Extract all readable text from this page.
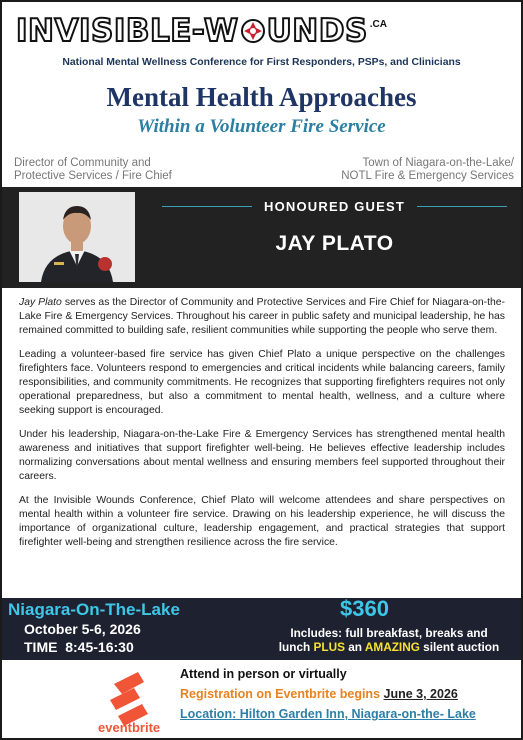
INVISIBLE-W UNDS .CA
National Mental Wellness Conference for First Responders, PSPs, and Clinicians
Mental Health Approaches
Within a Volunteer Fire Service
Director of Community and
Protective Services / Fire Chief
Town of Niagara-on-the-Lake/
NOTL Fire & Emergency Services
HONOURED GUEST
JAY PLATO

Jay Plato serves as the Director of Community and Protective Services and Fire Chief for Niagara-on-the-Lake Fire & Emergency Services. Throughout his career in public safety and municipal leadership, he has remained committed to building safe, resilient communities while supporting the people who serve them.

Leading a volunteer-based fire service has given Chief Plato a unique perspective on the challenges firefighters face. Volunteers respond to emergencies and critical incidents while balancing careers, family responsibilities, and community commitments. He recognizes that supporting firefighters requires not only operational preparedness, but also a commitment to mental health, wellness, and a culture where seeking support is encouraged.

Under his leadership, Niagara-on-the-Lake Fire & Emergency Services has strengthened mental health awareness and initiatives that support firefighter well-being. He believes effective leadership includes normalizing conversations about mental wellness and ensuring members feel supported throughout their careers.

At the Invisible Wounds Conference, Chief Plato will welcome attendees and share perspectives on mental health within a volunteer fire service. Drawing on his leadership experience, he will discuss the importance of organizational culture, leadership engagement, and practical strategies that support firefighter well-being and strengthen resilience across the fire service.

Niagara-On-The-Lake
October 5-6, 2026
TIME 8:45-16:30
$360
Includes: full breakfast, breaks and
lunch PLUS an AMAZING silent auction
eventbrite
Attend in person or virtually
Registration on Eventbrite begins June 3, 2026
Location: Hilton Garden Inn, Niagara-on-the- Lake
